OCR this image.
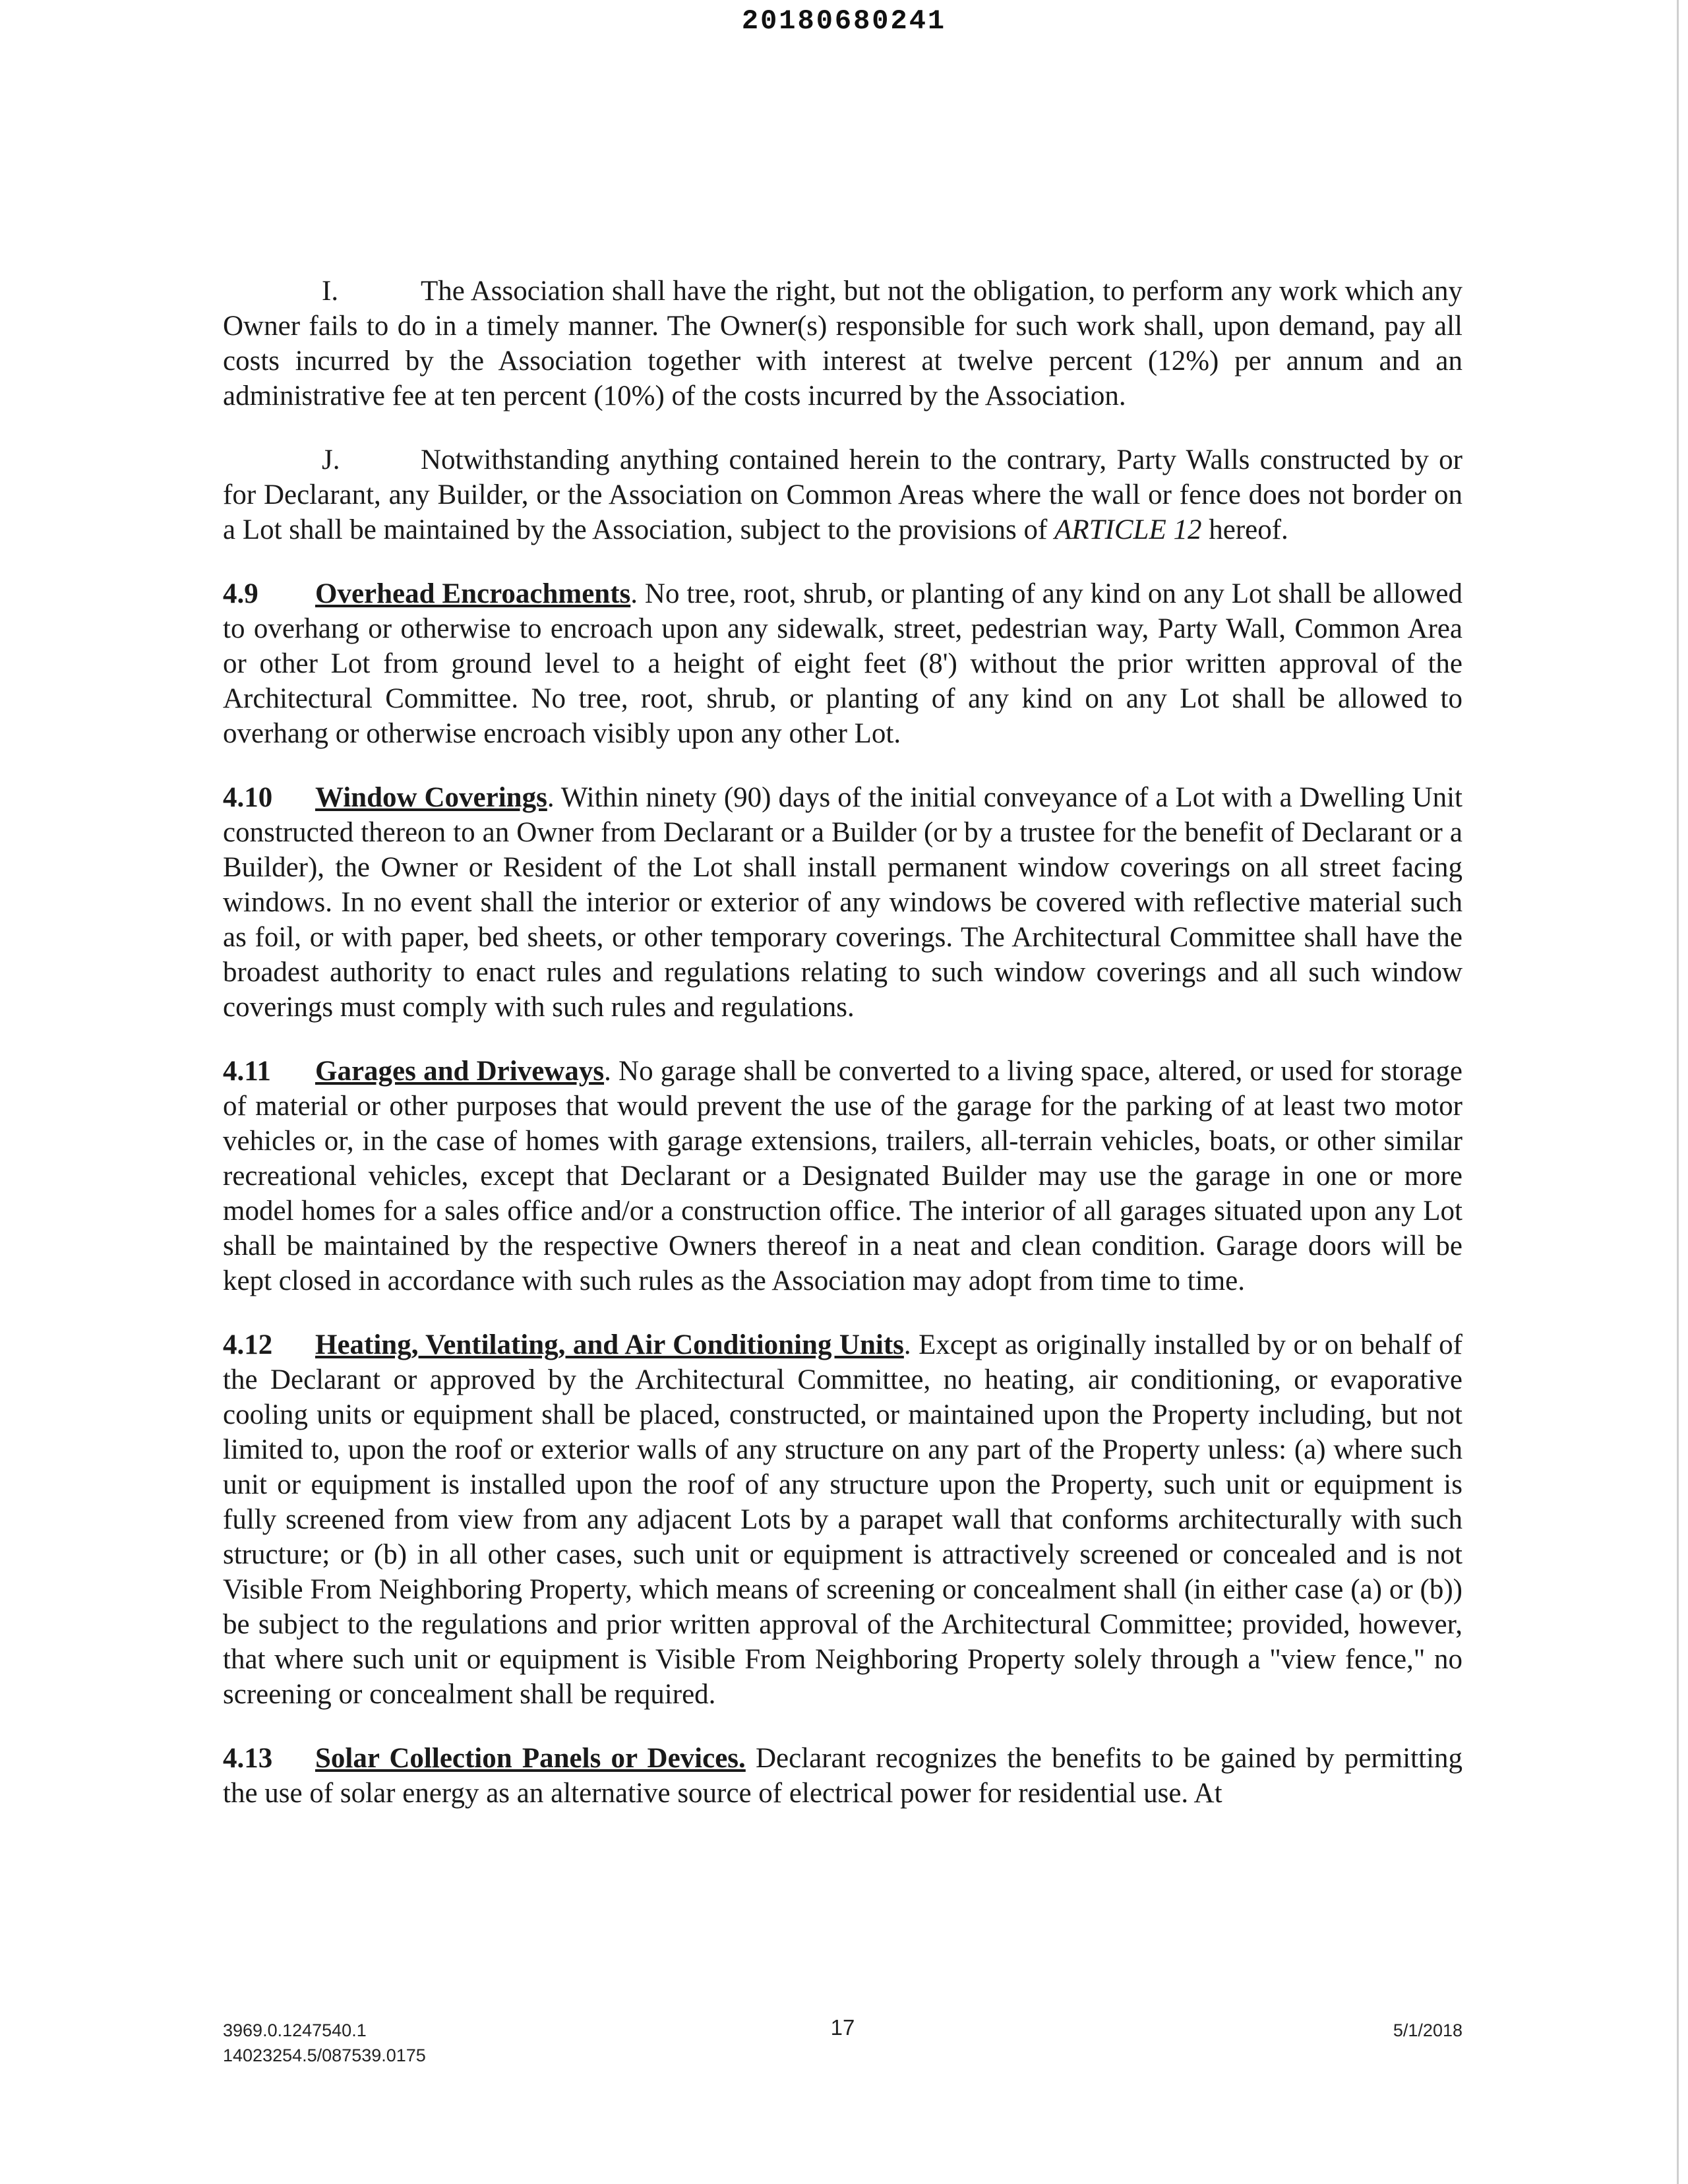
20180680241

I.	The Association shall have the right, but not the obligation, to perform any work which any Owner fails to do in a timely manner. The Owner(s) responsible for such work shall, upon demand, pay all costs incurred by the Association together with interest at twelve percent (12%) per annum and an administrative fee at ten percent (10%) of the costs incurred by the Association.

J.	Notwithstanding anything contained herein to the contrary, Party Walls constructed by or for Declarant, any Builder, or the Association on Common Areas where the wall or fence does not border on a Lot shall be maintained by the Association, subject to the provisions of ARTICLE 12 hereof.

4.9 Overhead Encroachments. No tree, root, shrub, or planting of any kind on any Lot shall be allowed to overhang or otherwise to encroach upon any sidewalk, street, pedestrian way, Party Wall, Common Area or other Lot from ground level to a height of eight feet (8') without the prior written approval of the Architectural Committee. No tree, root, shrub, or planting of any kind on any Lot shall be allowed to overhang or otherwise encroach visibly upon any other Lot.

4.10 Window Coverings. Within ninety (90) days of the initial conveyance of a Lot with a Dwelling Unit constructed thereon to an Owner from Declarant or a Builder (or by a trustee for the benefit of Declarant or a Builder), the Owner or Resident of the Lot shall install permanent window coverings on all street facing windows. In no event shall the interior or exterior of any windows be covered with reflective material such as foil, or with paper, bed sheets, or other temporary coverings. The Architectural Committee shall have the broadest authority to enact rules and regulations relating to such window coverings and all such window coverings must comply with such rules and regulations.

4.11 Garages and Driveways. No garage shall be converted to a living space, altered, or used for storage of material or other purposes that would prevent the use of the garage for the parking of at least two motor vehicles or, in the case of homes with garage extensions, trailers, all-terrain vehicles, boats, or other similar recreational vehicles, except that Declarant or a Designated Builder may use the garage in one or more model homes for a sales office and/or a construction office. The interior of all garages situated upon any Lot shall be maintained by the respective Owners thereof in a neat and clean condition. Garage doors will be kept closed in accordance with such rules as the Association may adopt from time to time.

4.12 Heating, Ventilating, and Air Conditioning Units. Except as originally installed by or on behalf of the Declarant or approved by the Architectural Committee, no heating, air conditioning, or evaporative cooling units or equipment shall be placed, constructed, or maintained upon the Property including, but not limited to, upon the roof or exterior walls of any structure on any part of the Property unless: (a) where such unit or equipment is installed upon the roof of any structure upon the Property, such unit or equipment is fully screened from view from any adjacent Lots by a parapet wall that conforms architecturally with such structure; or (b) in all other cases, such unit or equipment is attractively screened or concealed and is not Visible From Neighboring Property, which means of screening or concealment shall (in either case (a) or (b)) be subject to the regulations and prior written approval of the Architectural Committee; provided, however, that where such unit or equipment is Visible From Neighboring Property solely through a "view fence," no screening or concealment shall be required.

4.13 Solar Collection Panels or Devices. Declarant recognizes the benefits to be gained by permitting the use of solar energy as an alternative source of electrical power for residential use. At

3969.0.1247540.1
14023254.5/087539.0175
17	5/1/2018
